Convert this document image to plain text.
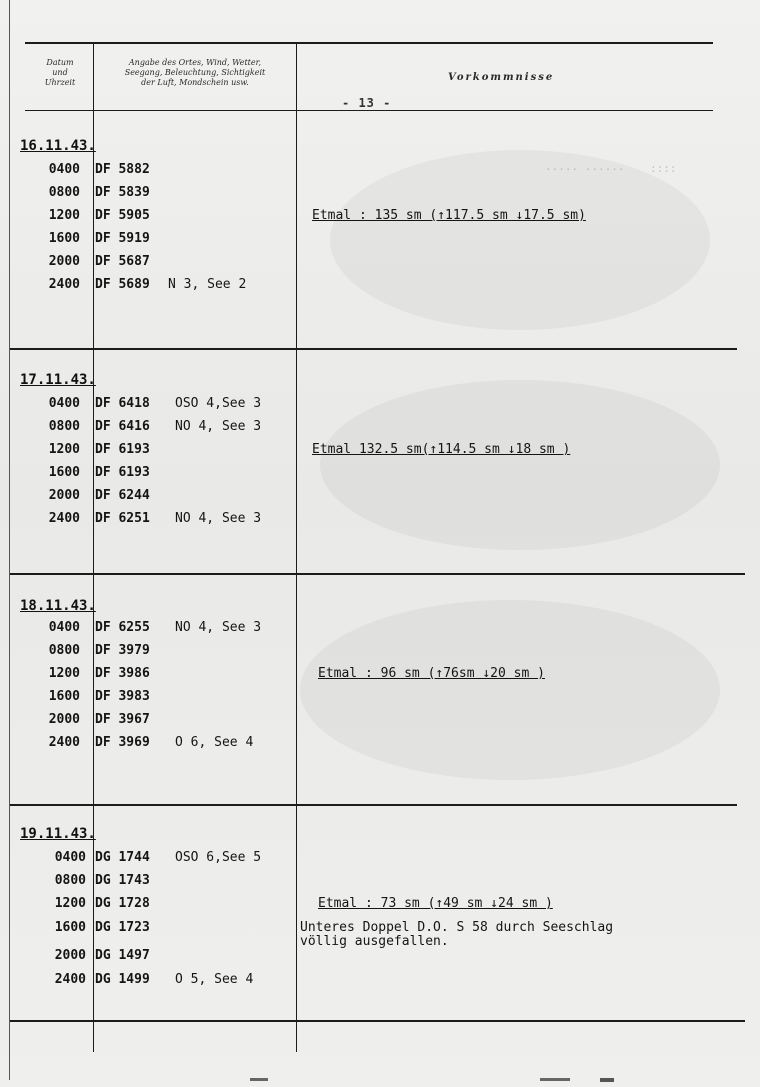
Datum
und
Uhrzeit
Angabe des Ortes, Wind, Wetter,
Seegang, Beleuchtung, Sichtigkeit
der Luft, Mondschein usw.	Vorkommnisse
- 13 -
::::
..... ......
16.11.43.
0400 DF 5882
0800 DF 5839
1200 DF 5905
1600 DF 5919
2000 DF 5687
2400 DF 5689 N 3, See 2
Etmal : 135 sm (↑117.5 sm ↓17.5 sm)
17.11.43.
0400 DF 6418 OSO 4,See 3
0800 DF 6416 NO 4, See 3
1200 DF 6193
1600 DF 6193
2000 DF 6244
2400 DF 6251 NO 4, See 3
Etmal 132.5 sm(↑114.5 sm ↓18 sm )
18.11.43.
0400 DF 6255 NO 4, See 3
0800 DF 3979
1200 DF 3986
1600 DF 3983
2000 DF 3967
2400 DF 3969 O 6, See 4
Etmal : 96 sm (↑76sm ↓20 sm )
19.11.43.
0400 DG 1744 OSO 6,See 5
0800 DG 1743
1200 DG 1728
1600 DG 1723
2000 DG 1497
2400 DG 1499 O 5, See 4
Etmal : 73 sm (↑49 sm ↓24 sm )
Unteres Doppel D.O. S 58 durch Seeschlag
völlig ausgefallen.
